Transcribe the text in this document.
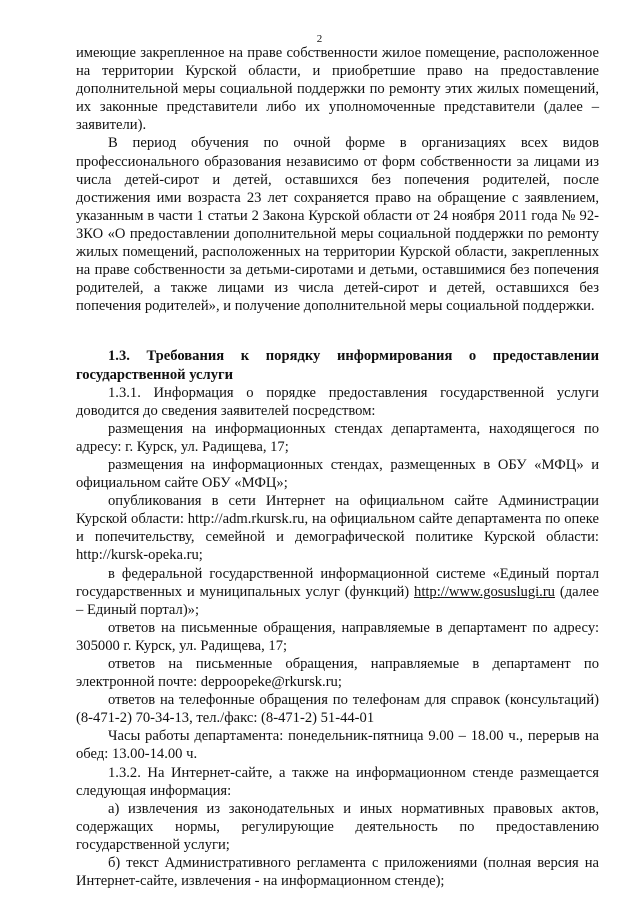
2

имеющие закрепленное на праве собственности жилое помещение, расположенное на территории Курской области, и приобретшие право на предоставление дополнительной меры социальной поддержки по ремонту этих жилых помещений, их законные представители либо их уполномоченные представители (далее – заявители).

В период обучения по очной форме в организациях всех видов профессионального образования независимо от форм собственности за лицами из числа детей-сирот и детей, оставшихся без попечения родителей, после достижения ими возраста 23 лет сохраняется право на обращение с заявлением, указанным в части 1 статьи 2 Закона Курской области от 24 ноября 2011 года № 92-ЗКО «О предоставлении дополнительной меры социальной поддержки по ремонту жилых помещений, расположенных на территории Курской области, закрепленных на праве собственности за детьми-сиротами и детьми, оставшимися без попечения родителей, а также лицами из числа детей-сирот и детей, оставшихся без попечения родителей», и получение дополнительной меры социальной поддержки.

1.3. Требования к порядку информирования о предоставлении государственной услуги

1.3.1. Информация о порядке предоставления государственной услуги доводится до сведения заявителей посредством:

размещения на информационных стендах департамента, находящегося по адресу: г. Курск, ул. Радищева, 17;

размещения на информационных стендах, размещенных в ОБУ «МФЦ» и официальном сайте ОБУ «МФЦ»;

опубликования в сети Интернет на официальном сайте Администрации Курской области: http://adm.rkursk.ru, на официальном сайте департамента по опеке и попечительству, семейной и демографической политике Курской области: http://kursk-opeka.ru;

в федеральной государственной информационной системе «Единый портал государственных и муниципальных услуг (функций) http://www.gosuslugi.ru (далее – Единый портал)»;

ответов на письменные обращения, направляемые в департамент по адресу: 305000 г. Курск, ул. Радищева, 17;

ответов на письменные обращения, направляемые в департамент по электронной почте: deppoopeke@rkursk.ru;

ответов на телефонные обращения по телефонам для справок (консультаций) (8-471-2) 70-34-13, тел./факс: (8-471-2) 51-44-01

Часы работы департамента: понедельник-пятница 9.00 – 18.00 ч., перерыв на обед: 13.00-14.00 ч.

1.3.2. На Интернет-сайте, а также на информационном стенде размещается следующая информация:

а) извлечения из законодательных и иных нормативных правовых актов, содержащих нормы, регулирующие деятельность по предоставлению государственной услуги;

б) текст Административного регламента с приложениями (полная версия на Интернет-сайте, извлечения - на информационном стенде);
